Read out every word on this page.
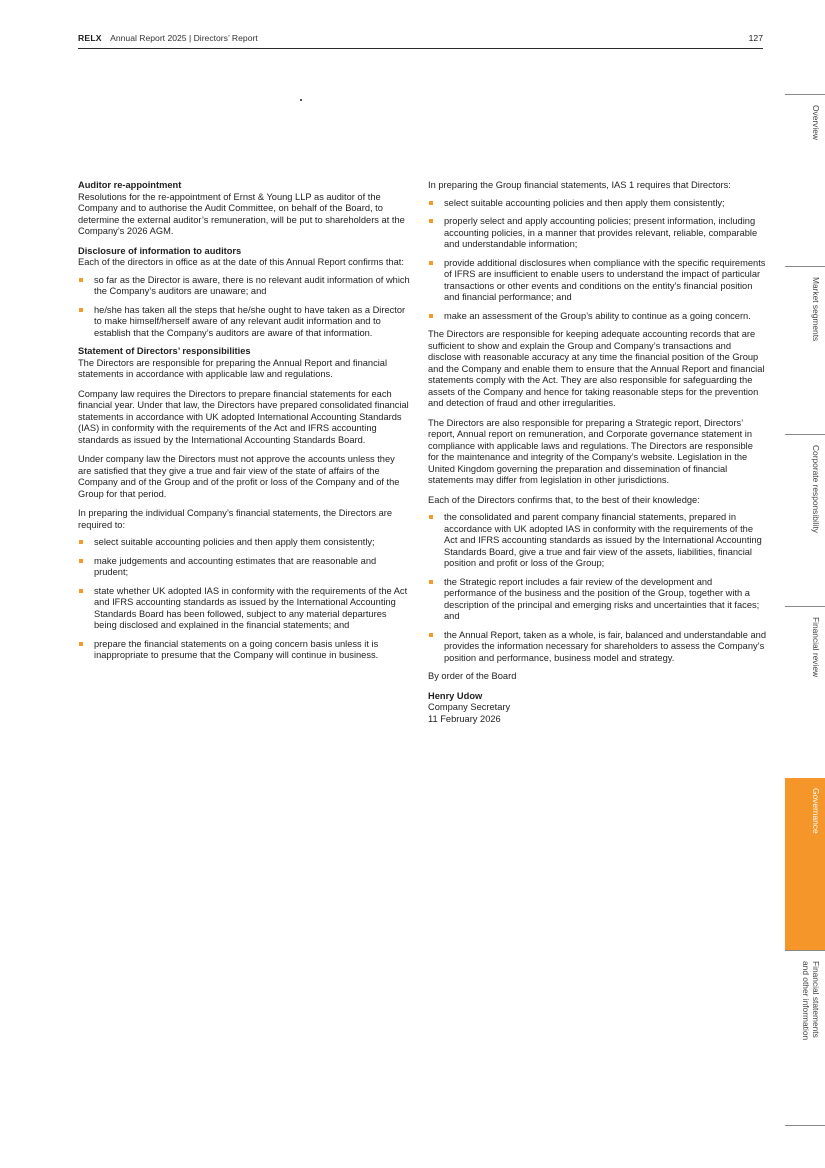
RELX Annual Report 2025 | Directors’ Report	127
Auditor re-appointment

Resolutions for the re-appointment of Ernst & Young LLP as auditor of the Company and to authorise the Audit Committee, on behalf of the Board, to determine the external auditor’s remuneration, will be put to shareholders at the Company’s 2026 AGM.

Disclosure of information to auditors

Each of the directors in office as at the date of this Annual Report confirms that:

so far as the Director is aware, there is no relevant audit information of which the Company’s auditors are unaware; and
he/she has taken all the steps that he/she ought to have taken as a Director to make himself/herself aware of any relevant audit information and to establish that the Company’s auditors are aware of that information.
Statement of Directors’ responsibilities

The Directors are responsible for preparing the Annual Report and financial statements in accordance with applicable law and regulations.

Company law requires the Directors to prepare financial statements for each financial year. Under that law, the Directors have prepared consolidated financial statements in accordance with UK adopted International Accounting Standards (IAS) in conformity with the requirements of the Act and IFRS accounting standards as issued by the International Accounting Standards Board.

Under company law the Directors must not approve the accounts unless they are satisfied that they give a true and fair view of the state of affairs of the Company and of the Group and of the profit or loss of the Company and of the Group for that period.

In preparing the individual Company’s financial statements, the Directors are required to:

select suitable accounting policies and then apply them consistently;
make judgements and accounting estimates that are reasonable and prudent;
state whether UK adopted IAS in conformity with the requirements of the Act and IFRS accounting standards as issued by the International Accounting Standards Board has been followed, subject to any material departures being disclosed and explained in the financial statements; and
prepare the financial statements on a going concern basis unless it is inappropriate to presume that the Company will continue in business.

In preparing the Group financial statements, IAS 1 requires that Directors:

select suitable accounting policies and then apply them consistently;
properly select and apply accounting policies; present information, including accounting policies, in a manner that provides relevant, reliable, comparable and understandable information;
provide additional disclosures when compliance with the specific requirements of IFRS are insufficient to enable users to understand the impact of particular transactions or other events and conditions on the entity’s financial position and financial performance; and
make an assessment of the Group’s ability to continue as a going concern.

The Directors are responsible for keeping adequate accounting records that are sufficient to show and explain the Group and Company’s transactions and disclose with reasonable accuracy at any time the financial position of the Group and the Company and enable them to ensure that the Annual Report and financial statements comply with the Act. They are also responsible for safeguarding the assets of the Company and hence for taking reasonable steps for the prevention and detection of fraud and other irregularities.

The Directors are also responsible for preparing a Strategic report, Directors’ report, Annual report on remuneration, and Corporate governance statement in compliance with applicable laws and regulations. The Directors are responsible for the maintenance and integrity of the Company’s website. Legislation in the United Kingdom governing the preparation and dissemination of financial statements may differ from legislation in other jurisdictions.

Each of the Directors confirms that, to the best of their knowledge:

the consolidated and parent company financial statements, prepared in accordance with UK adopted IAS in conformity with the requirements of the Act and IFRS accounting standards as issued by the International Accounting Standards Board, give a true and fair view of the assets, liabilities, financial position and profit or loss of the Group;
the Strategic report includes a fair review of the development and performance of the business and the position of the Group, together with a description of the principal and emerging risks and uncertainties that it faces; and
the Annual Report, taken as a whole, is fair, balanced and understandable and provides the information necessary for shareholders to assess the Company’s position and performance, business model and strategy.

By order of the Board

Henry Udow
Company Secretary
11 February 2026
Overview
Market segments
Corporate responsibility
Financial review
Governance
Financial statements
and other information
